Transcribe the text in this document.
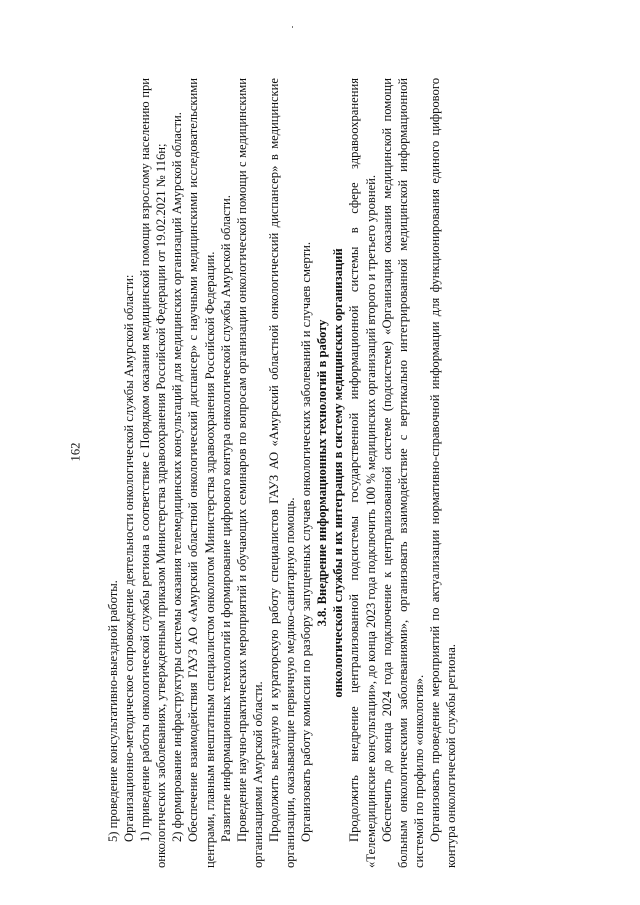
162

5) проведение консультативно-выездной работы. Организационно-методическое сопровождение деятельности онкологической службы Амурской области: 1) приведение работы онкологической службы региона в соответствие с Порядком оказания медицинской помощи взрослому населению при онкологических заболеваниях, утвержденным приказом Министерства здравоохранения Российской Федерации от 19.02.2021 № 116н; 2) формирование инфраструктуры системы оказания телемедицинских консультаций для медицинских организаций Амурской области. Обеспечение взаимодействия ГАУЗ АО «Амурский областной онкологический диспансер» с научными медицинскими исследовательскими центрами, главным внештатным специалистом онкологом Министерства здравоохранения Российской Федерации. Развитие информационных технологий и формирование цифрового контура онкологической службы Амурской области. Проведение научно-практических мероприятий и обучающих семинаров по вопросам организации онкологической помощи с медицинскими организациями Амурской области. Продолжить выездную и кураторскую работу специалистов ГАУЗ АО «Амурский областной онкологический диспансер» в медицинские организации, оказывающие первичную медико-санитарную помощь. Организовать работу комиссии по разбору запущенных случаев онкологических заболеваний и случаев смерти. 3.8. Внедрение информационных технологий в работу онкологической службы и их интеграция в систему медицинских организаций Продолжить внедрение централизованной подсистемы государственной информационной системы в сфере здравоохранения «Телемедицинские консультации», до конца 2023 года подключить 100 % медицинских организаций второго и третьего уровней. Обеспечить до конца 2024 года подключение к централизованной системе (подсистеме) «Организация оказания медицинской помощи больным онкологическими заболеваниями», организовать взаимодействие с вертикально интегрированной медицинской информационной системой по профилю «онкология». Организовать проведение мероприятий по актуализации нормативно-справочной информации для функционирования единого цифрового контура онкологической службы региона.
